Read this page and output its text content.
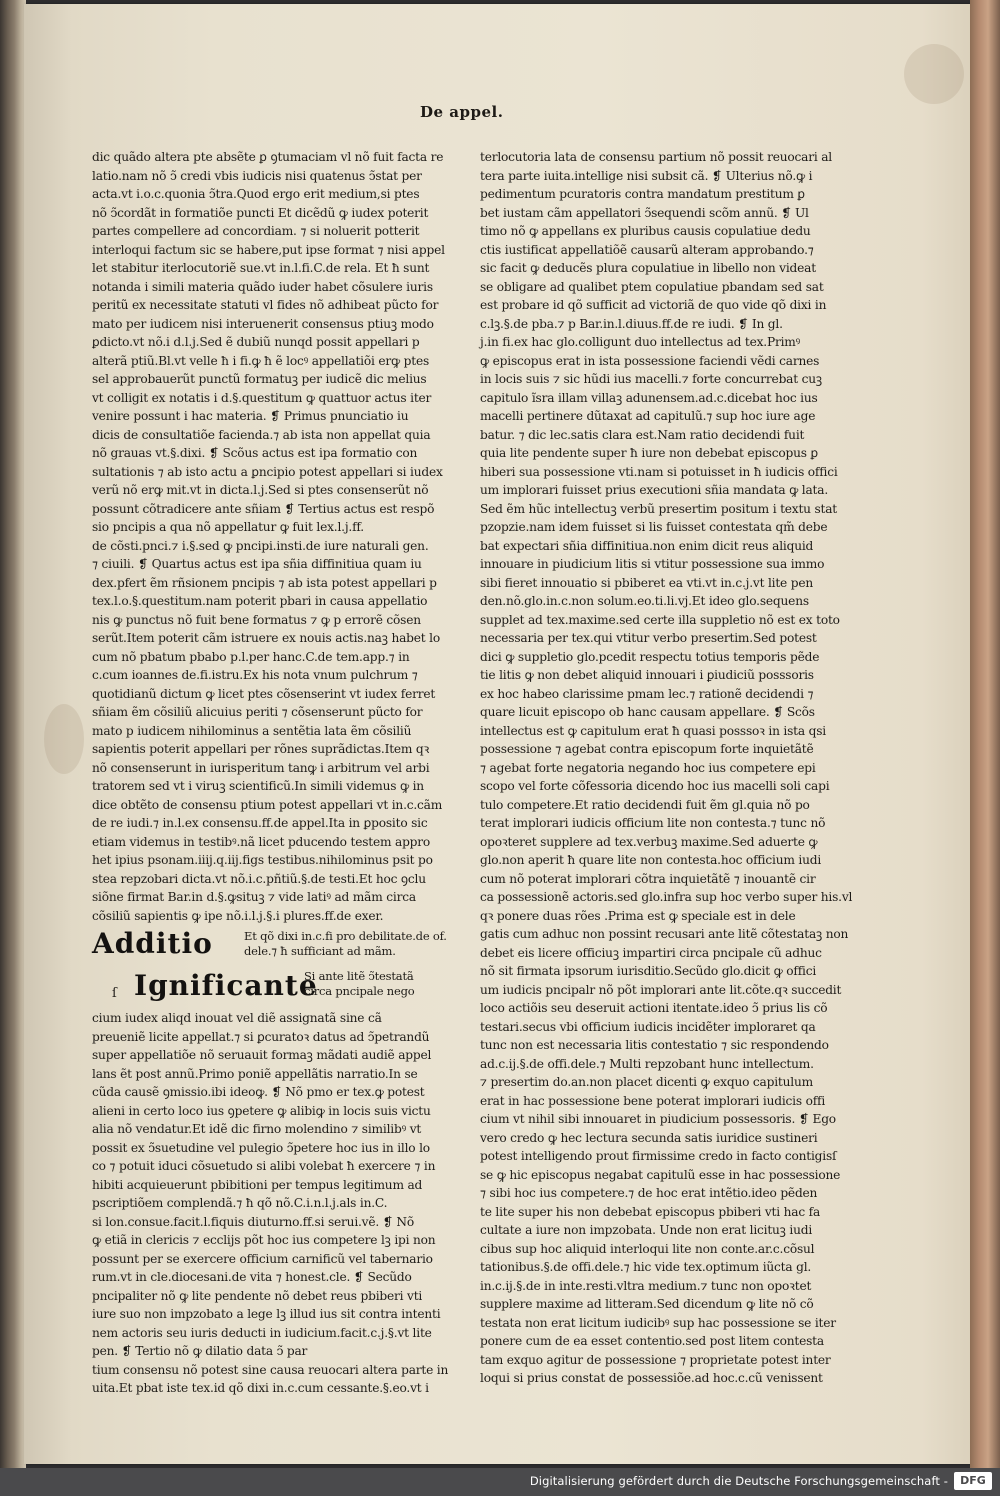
De appel.
dic quãdo altera pte absẽte ꝑ ꝯtumaciam vl nõ fuit facta re
latio.nam nõ ↄ̃ credi vbis iudicis nisi quatenus ↄ̃stat per
acta.vt i.o.c.quonia ↄ̃tra.Quod ergo erit medium,si ptes
nõ ↄ̃cordãt in formatiõe puncti Et dicẽdũ ꝙ iudex poterit
partes compellere ad concordiam. ⁊ si noluerit potterit
interloqui factum sic se habere,put ipse format ⁊ nisi appel
let stabitur iterlocutoriẽ sue.vt in.l.fi.C.de rela. Et ħ sunt
notanda i simili materia quãdo iuder habet cõsulere iuris
peritũ ex necessitate statuti vl fides nõ adhibeat pũcto for
mato per iudicem nisi interuenerit consensus ptiuꝫ modo
ꝑdicto.vt nõ.i d.l.j.Sed ẽ dubiũ nunqd possit appellari p
alterã ptiũ.Bl.vt velle ħ i fi.ꝙ ħ ẽ locꝰ appellatiõi erꝙ ptes
sel approbauerũt punctũ formatuꝫ per iudicẽ dic melius
vt colligit ex notatis i d.§.questitum ꝙ quattuor actus iter
venire possunt i hac materia. ❡ Primus pnunciatio iu
dicis de consultatiõe facienda.⁊ ab ista non appellat quia
nõ grauas vt.§.dixi. ❡ Scõus actus est ipa formatio con
sultationis ⁊ ab isto actu a ꝑncipio potest appellari si iudex
verũ nõ erꝙ mit.vt in dicta.l.j.Sed si ptes consenserũt nõ
possunt cõtradicere ante sñiam ❡ Tertius actus est respõ
sio pncipis a qua nõ appellatur ꝙ fuit lex.l.j.ff.
de cõsti.pnci.⁊ i.§.sed ꝙ pncipi.insti.de iure naturali gen.
⁊ ciuili. ❡ Quartus actus est ipa sñia diffinitiua quam iu
dex.pfert ẽm rñsionem pncipis ⁊ ab ista potest appellari p
tex.l.o.§.questitum.nam poterit pbari in causa appellatio
nis ꝙ punctus nõ fuit bene formatus ⁊ ꝙ p errorẽ cõsen
serũt.Item poterit cãm istruere ex nouis actis.naꝫ habet lo
cum nõ pbatum pbabo p.l.per hanc.C.de tem.app.⁊ in
c.cum ioannes de.fi.istru.Ex his nota vnum pulchrum ⁊
quotidianũ dictum ꝙ licet ptes cõsenserint vt iudex ferret
sñiam ẽm cõsiliũ alicuius periti ⁊ cõsenserunt pũcto for
mato p iudicem nihilominus a sentẽtia lata ẽm cõsiliũ
sapientis poterit appellari per rõnes suprãdictas.Item qꝛ
nõ consenserunt in iurisperitum tanꝙ i arbitrum vel arbi
tratorem sed vt i viruꝫ scientificũ.In simili videmus ꝙ in
dice obtẽto de consensu ptium potest appellari vt in.c.cãm
de re iudi.⁊ in.l.ex consensu.ff.de appel.Ita in ꝑposito sic
etiam videmus in testibꝰ.nã licet pducendo testem appro
het ipius psonam.iiij.q.iij.figs testibus.nihilominus psit po
stea repzobari dicta.vt nõ.i.c.pñtiũ.§.de testi.Et hoc ꝯclu
siõne firmat Bar.in d.§.ꝙsituꝫ ⁊ vide latiꝰ ad mãm circa
cõsiliũ sapientis ꝙ ipe nõ.i.l.j.§.i plures.ff.de exer.
Additio	Et qõ dixi in.c.fi pro debilitate.de of.
dele.⁊ ħ sufficiant ad mãm.
ſ Ignificante
Si ante litẽ ↄ̃testatã
circa pncipale nego
cium iudex aliqd inouat vel diẽ assignatã sine cã
preueniẽ licite appellat.⁊ si ꝑcuratoꝛ datus ad ↄ̃petrandũ
super appellatiõe nõ seruauit formaꝫ mãdati audiẽ appel
lans ẽt post annũ.Primo poniẽ appellãtis narratio.In se
cũda causẽ ꝯmissio.ibi ideoꝙ. ❡ Nõ pmo er tex.ꝙ potest
alieni in certo loco ius ꝯpetere ꝙ alibiꝙ in locis suis victu
alia nõ vendatur.Et idẽ dic firno molendino ⁊ similibꝰ vt
possit ex ↄ̃suetudine vel pulegio ↄ̃petere hoc ius in illo lo
co ⁊ potuit iduci cõsuetudo si alibi volebat ħ exercere ⁊ in
hibiti acquieuerunt pbibitioni per tempus legitimum ad
pscriptiõem complendã.⁊ ħ qõ nõ.C.i.n.l.j.als in.C.
si lon.consue.facit.l.fiquis diuturno.ff.si serui.vẽ. ❡ Nõ
ꝙ etiã in clericis ⁊ ecclijs põt hoc ius competere lꝫ ipi non
possunt per se exercere officium carnificũ vel tabernario
rum.vt in cle.diocesani.de vita ⁊ honest.cle. ❡ Secũdo
pncipaliter nõ ꝙ lite pendente nõ debet reus pbiberi vti
iure suo non impzobato a lege lꝫ illud ius sit contra intenti
nem actoris seu iuris deducti in iudicium.facit.c.j.§.vt lite
pen. ❡ Tertio nõ ꝙ dilatio data ↄ̃ par
tium consensu nõ potest sine causa reuocari altera parte in
uita.Et pbat iste tex.id qõ dixi in.c.cum cessante.§.eo.vt i
terlocutoria lata de consensu partium nõ possit reuocari al
tera parte iuita.intellige nisi subsit cã. ❡ Ulterius nõ.ꝙ i
pedimentum pcuratoris contra mandatum prestitum ꝑ
bet iustam cãm appellatori ↄ̃sequendi scõm annũ. ❡ Ul
timo nõ ꝙ appellans ex pluribus causis copulatiue dedu
ctis iustificat appellatiõẽ causarũ alteram approbando.⁊
sic facit ꝙ deducẽs plura copulatiue in libello non videat
se obligare ad qualibet ptem copulatiue pbandam sed sat
est probare id qõ sufficit ad victoriã de quo vide qõ dixi in
c.lꝫ.§.de pba.⁊ p Bar.in.l.diuus.ff.de re iudi. ❡ In gl.
j.in fi.ex hac glo.colligunt duo intellectus ad tex.Primꝰ
ꝙ episcopus erat in ista possessione faciendi vẽdi carnes
in locis suis ⁊ sic hũdi ius macelli.⁊ forte concurrebat cuꝫ
capitulo ĩsra illam villaꝫ adunensem.ad.c.dicebat hoc ius
macelli pertinere dũtaxat ad capitulũ.⁊ sup hoc iure age
batur. ⁊ dic lec.satis clara est.Nam ratio decidendi fuit
quia lite pendente super ħ iure non debebat episcopus ꝑ
hiberi sua possessione vti.nam si potuisset in ħ iudicis offici
um implorari fuisset prius executioni sñia mandata ꝙ lata.
Sed ẽm hũc intellectuꝫ verbũ presertim positum i textu stat
pzopzie.nam idem fuisset si lis fuisset contestata qm̃ debe
bat expectari sñia diffinitiua.non enim dicit reus aliquid
innouare in piudicium litis si vtitur possessione sua immo
sibi fieret innouatio si pbiberet ea vti.vt in.c.j.vt lite pen
den.nõ.glo.in.c.non solum.eo.ti.li.vj.Et ideo glo.sequens
supplet ad tex.maxime.sed certe illa suppletio nõ est ex toto
necessaria per tex.qui vtitur verbo presertim.Sed potest
dici ꝙ suppletio glo.pcedit respectu totius temporis pẽde
tie litis ꝙ non debet aliquid innouari i ꝑiudiciũ posssoris
ex hoc habeo clarissime pmam lec.⁊ rationẽ decidendi ⁊
quare licuit episcopo ob hanc causam appellare. ❡ Scõs
intellectus est ꝙ capitulum erat ħ quasi posssoꝛ in ista qsi
possessione ⁊ agebat contra episcopum forte inquietãtẽ
⁊ agebat forte negatoria negando hoc ius competere epi
scopo vel forte cõfessoria dicendo hoc ius macelli soli capi
tulo competere.Et ratio decidendi fuit ẽm gl.quia nõ po
terat implorari iudicis officium lite non contesta.⁊ tunc nõ
opoꝛteret supplere ad tex.verbuꝫ maxime.Sed aduerte ꝙ
glo.non aperit ħ quare lite non contesta.hoc officium iudi
cum nõ poterat implorari cõtra inquietãtẽ ⁊ inouantẽ cir
ca possessionẽ actoris.sed glo.infra sup hoc verbo super his.vl
qꝛ ponere duas rões .Prima est ꝙ speciale est in dele
gatis cum adhuc non possint recusari ante litẽ cõtestataꝫ non
debet eis licere officiuꝫ impartiri circa pncipale cũ adhuc
nõ sit firmata ipsorum iurisditio.Secũdo glo.dicit ꝙ offici
um iudicis pncipalr nõ põt implorari ante lit.cõte.qꝛ succedit
loco actiõis seu deseruit actioni itentate.ideo ↄ̃ prius lis cõ
testari.secus vbi officium iudicis incidẽter imploraret qa
tunc non est necessaria litis contestatio ⁊ sic respondendo
ad.c.ij.§.de offi.dele.⁊ Multi repzobant hunc intellectum.
⁊ presertim do.an.non placet dicenti ꝙ exquo capitulum
erat in hac possessione bene poterat implorari iudicis offi
cium vt nihil sibi innouaret in piudicium possessoris. ❡ Ego
vero credo ꝙ hec lectura secunda satis iuridice sustineri
potest intelligendo prout firmissime credo in facto contigisſ
se ꝙ hic episcopus negabat capitulũ esse in hac possessione
⁊ sibi hoc ius competere.⁊ de hoc erat intẽtio.ideo pẽden
te lite super his non debebat episcopus pbiberi vti hac fa
cultate a iure non impzobata. Unde non erat licituꝫ iudi
cibus sup hoc aliquid interloqui lite non conte.ar.c.cõsul
tationibus.§.de offi.dele.⁊ hic vide tex.optimum iũcta gl.
in.c.ij.§.de in inte.resti.vltra medium.⁊ tunc non opoꝛtet
supplere maxime ad litteram.Sed dicendum ꝙ lite nõ cõ
testata non erat licitum iudicibꝰ sup hac possessione se iter
ponere cum de ea esset contentio.sed post litem contesta
tam exquo agitur de possessione ⁊ proprietate potest inter
loqui si prius constat de possessiõe.ad hoc.c.cũ venissent
Digitalisierung gefördert durch die Deutsche Forschungsgemeinschaft -	DFG
